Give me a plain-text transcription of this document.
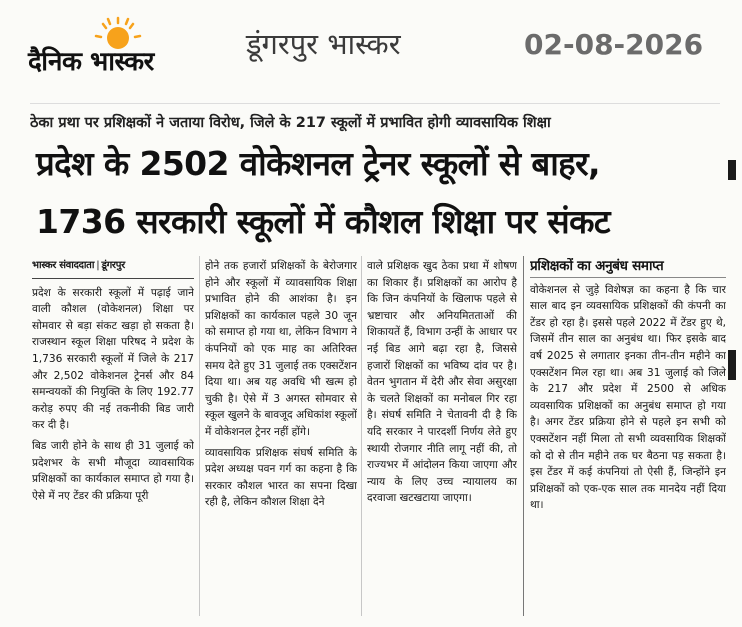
दैनिक भास्कर
डूंगरपुर भास्कर	02-08-2026
ठेका प्रथा पर प्रशिक्षकों ने जताया विरोध, जिले के 217 स्कूलों में प्रभावित होगी व्यावसायिक शिक्षा
प्रदेश के 2502 वोकेशनल ट्रेनर स्कूलों से बाहर,
1736 सरकारी स्कूलों में कौशल शिक्षा पर संकट
भास्कर संवाददाता | डूंगरपुर

प्रदेश के सरकारी स्कूलों में पढ़ाई जाने वाली कौशल (वोकेशनल) शिक्षा पर सोमवार से बड़ा संकट खड़ा हो सकता है। राजस्थान स्कूल शिक्षा परिषद ने प्रदेश के 1,736 सरकारी स्कूलों में जिले के 217 और 2,502 वोकेशनल ट्रेनर्स और 84 समन्वयकों की नियुक्ति के लिए 192.77 करोड़ रुपए की नई तकनीकी बिड जारी कर दी है।

बिड जारी होने के साथ ही 31 जुलाई को प्रदेशभर के सभी मौजूदा व्यावसायिक प्रशिक्षकों का कार्यकाल समाप्त हो गया है। ऐसे में नए टेंडर की प्रक्रिया पूरी

होने तक हजारों प्रशिक्षकों के बेरोजगार होने और स्कूलों में व्यावसायिक शिक्षा प्रभावित होने की आशंका है। इन प्रशिक्षकों का कार्यकाल पहले 30 जून को समाप्त हो गया था, लेकिन विभाग ने कंपनियों को एक माह का अतिरिक्त समय देते हुए 31 जुलाई तक एक्सटेंशन दिया था। अब यह अवधि भी खत्म हो चुकी है। ऐसे में 3 अगस्त सोमवार से स्कूल खुलने के बावजूद अधिकांश स्कूलों में वोकेशनल ट्रेनर नहीं होंगे।

व्यावसायिक प्रशिक्षक संघर्ष समिति के प्रदेश अध्यक्ष पवन गर्ग का कहना है कि सरकार कौशल भारत का सपना दिखा रही है, लेकिन कौशल शिक्षा देने

वाले प्रशिक्षक खुद ठेका प्रथा में शोषण का शिकार हैं। प्रशिक्षकों का आरोप है कि जिन कंपनियों के खिलाफ पहले से भ्रष्टाचार और अनियमितताओं की शिकायतें हैं, विभाग उन्हीं के आधार पर नई बिड आगे बढ़ा रहा है, जिससे हजारों शिक्षकों का भविष्य दांव पर है। वेतन भुगतान में देरी और सेवा असुरक्षा के चलते शिक्षकों का मनोबल गिर रहा है। संघर्ष समिति ने चेतावनी दी है कि यदि सरकार ने पारदर्शी निर्णय लेते हुए स्थायी रोजगार नीति लागू नहीं की, तो राज्यभर में आंदोलन किया जाएगा और न्याय के लिए उच्च न्यायालय का दरवाजा खटखटाया जाएगा।

प्रशिक्षकों का अनुबंध समाप्त

वोकेशनल से जुड़े विशेषज्ञ का कहना है कि चार साल बाद इन व्यवसायिक प्रशिक्षकों की कंपनी का टेंडर हो रहा है। इससे पहले 2022 में टेंडर हुए थे, जिसमें तीन साल का अनुबंध था। फिर इसके बाद वर्ष 2025 से लगातार इनका तीन-तीन महीने का एक्सटेंशन मिल रहा था। अब 31 जुलाई को जिले के 217 और प्रदेश में 2500 से अधिक व्यवसायिक प्रशिक्षकों का अनुबंध समाप्त हो गया है। अगर टेंडर प्रक्रिया होने से पहले इन सभी को एक्सटेंशन नहीं मिला तो सभी व्यवसायिक शिक्षकों को दो से तीन महीने तक घर बैठना पड़ सकता है। इस टेंडर में कई कंपनियां तो ऐसी हैं, जिन्होंने इन प्रशिक्षकों को एक-एक साल तक मानदेय नहीं दिया था।
